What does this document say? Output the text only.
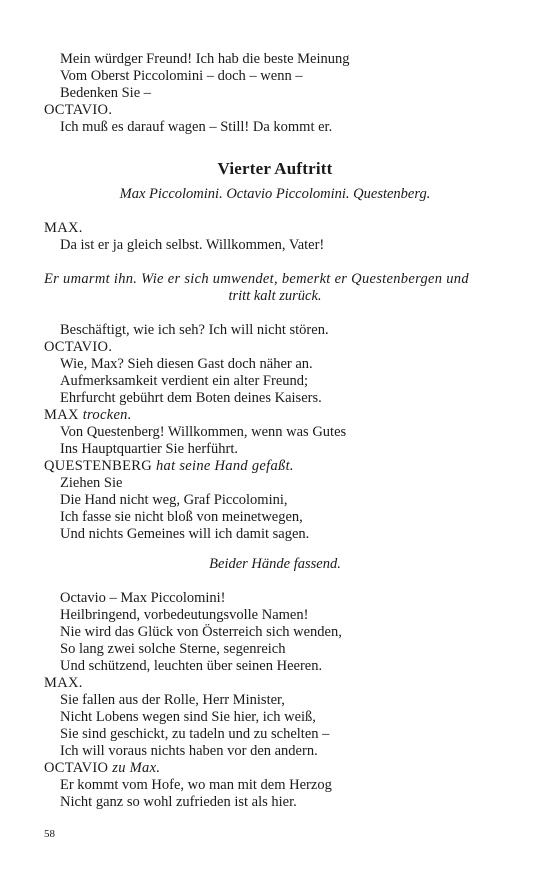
Mein würdger Freund! Ich hab die beste Meinung
Vom Oberst Piccolomini – doch – wenn –
Bedenken Sie –
OCTAVIO.
Ich muß es darauf wagen – Still! Da kommt er.
Vierter Auftritt
Max Piccolomini. Octavio Piccolomini. Questenberg.
MAX.
Da ist er ja gleich selbst. Willkommen, Vater!
Er umarmt ihn. Wie er sich umwendet, bemerkt er Questenbergen und
tritt kalt zurück.
Beschäftigt, wie ich seh? Ich will nicht stören.
OCTAVIO.
Wie, Max? Sieh diesen Gast doch näher an.
Aufmerksamkeit verdient ein alter Freund;
Ehrfurcht gebührt dem Boten deines Kaisers.
MAX trocken.
Von Questenberg! Willkommen, wenn was Gutes
Ins Hauptquartier Sie herführt.
QUESTENBERG hat seine Hand gefaßt.
Ziehen Sie
Die Hand nicht weg, Graf Piccolomini,
Ich fasse sie nicht bloß von meinetwegen,
Und nichts Gemeines will ich damit sagen.
Beider Hände fassend.
Octavio – Max Piccolomini!
Heilbringend, vorbedeutungsvolle Namen!
Nie wird das Glück von Österreich sich wenden,
So lang zwei solche Sterne, segenreich
Und schützend, leuchten über seinen Heeren.
MAX.
Sie fallen aus der Rolle, Herr Minister,
Nicht Lobens wegen sind Sie hier, ich weiß,
Sie sind geschickt, zu tadeln und zu schelten –
Ich will voraus nichts haben vor den andern.
OCTAVIO zu Max.
Er kommt vom Hofe, wo man mit dem Herzog
Nicht ganz so wohl zufrieden ist als hier.
58
